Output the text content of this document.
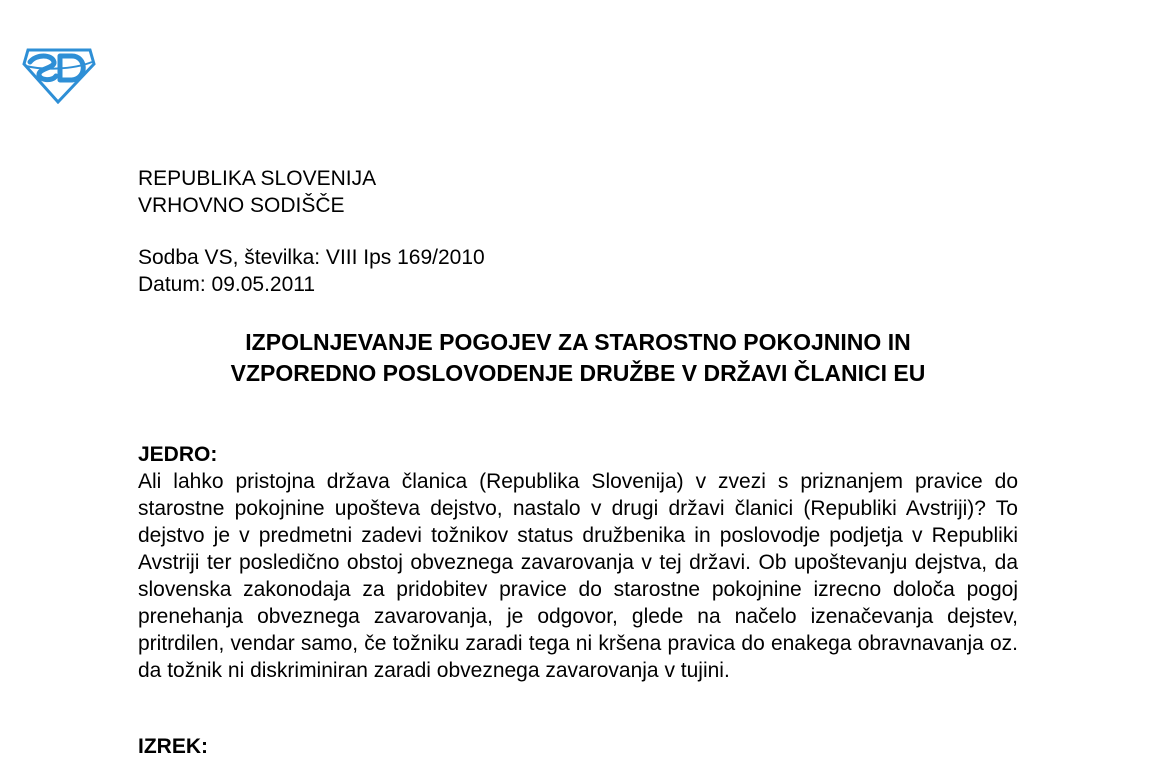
REPUBLIKA SLOVENIJA
VRHOVNO SODIŠČE
Sodba VS, številka: VIII Ips 169/2010
Datum: 09.05.2011
IZPOLNJEVANJE POGOJEV ZA STAROSTNO POKOJNINO IN
VZPOREDNO POSLOVODENJE DRUŽBE V DRŽAVI ČLANICI EU
JEDRO:
Ali lahko pristojna država članica (Republika Slovenija) v zvezi s priznanjem pravice do starostne pokojnine upošteva dejstvo, nastalo v drugi državi članici (Republiki Avstriji)? To dejstvo je v predmetni zadevi tožnikov status družbenika in poslovodje podjetja v Republiki Avstriji ter posledično obstoj obveznega zavarovanja v tej državi. Ob upoštevanju dejstva, da slovenska zakonodaja za pridobitev pravice do starostne pokojnine izrecno določa pogoj prenehanja obveznega zavarovanja, je odgovor, glede na načelo izenačevanja dejstev, pritrdilen, vendar samo, če tožniku zaradi tega ni kršena pravica do enakega obravnavanja oz. da tožnik ni diskriminiran zaradi obveznega zavarovanja v tujini.
IZREK:
